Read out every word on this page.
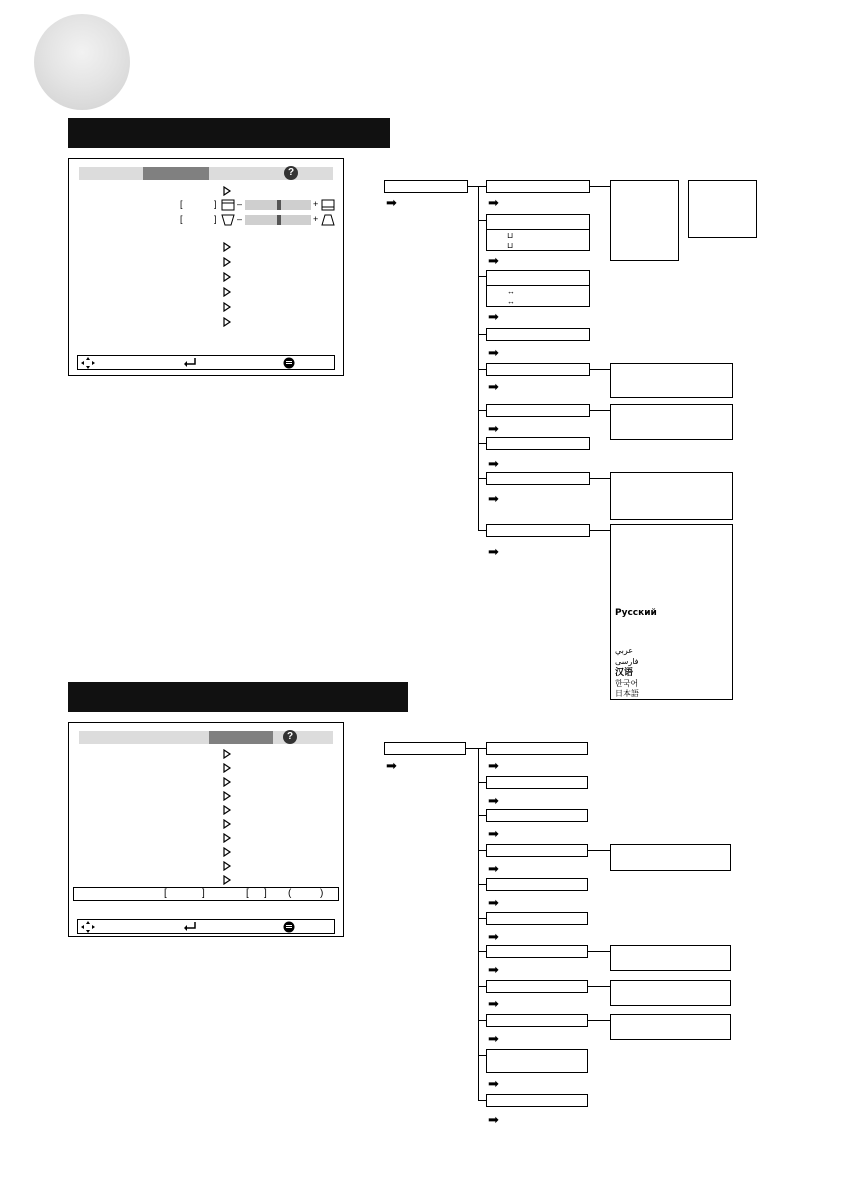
?
[	] –	+
[	] –	+
➡	➡
⊔
⊔
➡
↔
↔
➡
➡
➡
➡
➡
➡
➡
Русский
عربي
فارسی
汉语
한국어
日本語
?
[	]	[ ] (	)
➡	➡
➡
➡
➡
➡
➡
➡
➡
➡
➡
➡
